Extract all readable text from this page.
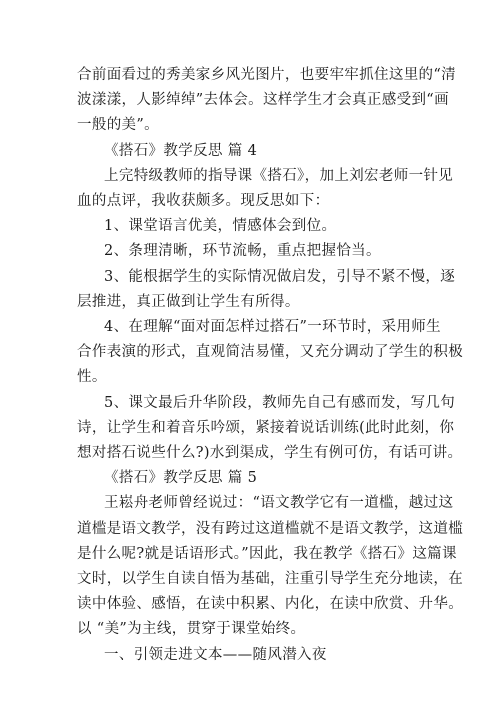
合前面看过的秀美家乡风光图片，也要牢牢抓住这里的“清
波漾漾，人影绰绰”去体会。这样学生才会真正感受到“画
一般的美”。
《搭石》教学反思 篇 4
上完特级教师的指导课《搭石》，加上刘宏老师一针见
血的点评，我收获颇多。现反思如下：
1、课堂语言优美，情感体会到位。
2、条理清晰，环节流畅，重点把握恰当。
3、能根据学生的实际情况做启发，引导不紧不慢，逐
层推进，真正做到让学生有所得。
4、在理解“面对面怎样过搭石”一环节时，采用师生
合作表演的形式，直观简洁易懂，又充分调动了学生的积极
性。
5、课文最后升华阶段，教师先自己有感而发，写几句
诗，让学生和着音乐吟颂，紧接着说话训练(此时此刻，你
想对搭石说些什么?)水到渠成，学生有例可仿，有话可讲。
《搭石》教学反思 篇 5
王崧舟老师曾经说过：“语文教学它有一道槛，越过这
道槛是语文教学，没有跨过这道槛就不是语文教学，这道槛
是什么呢?就是话语形式。”因此，我在教学《搭石》这篇课
文时，以学生自读自悟为基础，注重引导学生充分地读，在
读中体验、感悟，在读中积累、内化，在读中欣赏、升华。
以 “美”为主线，贯穿于课堂始终。
一、引领走进文本——随风潜入夜
